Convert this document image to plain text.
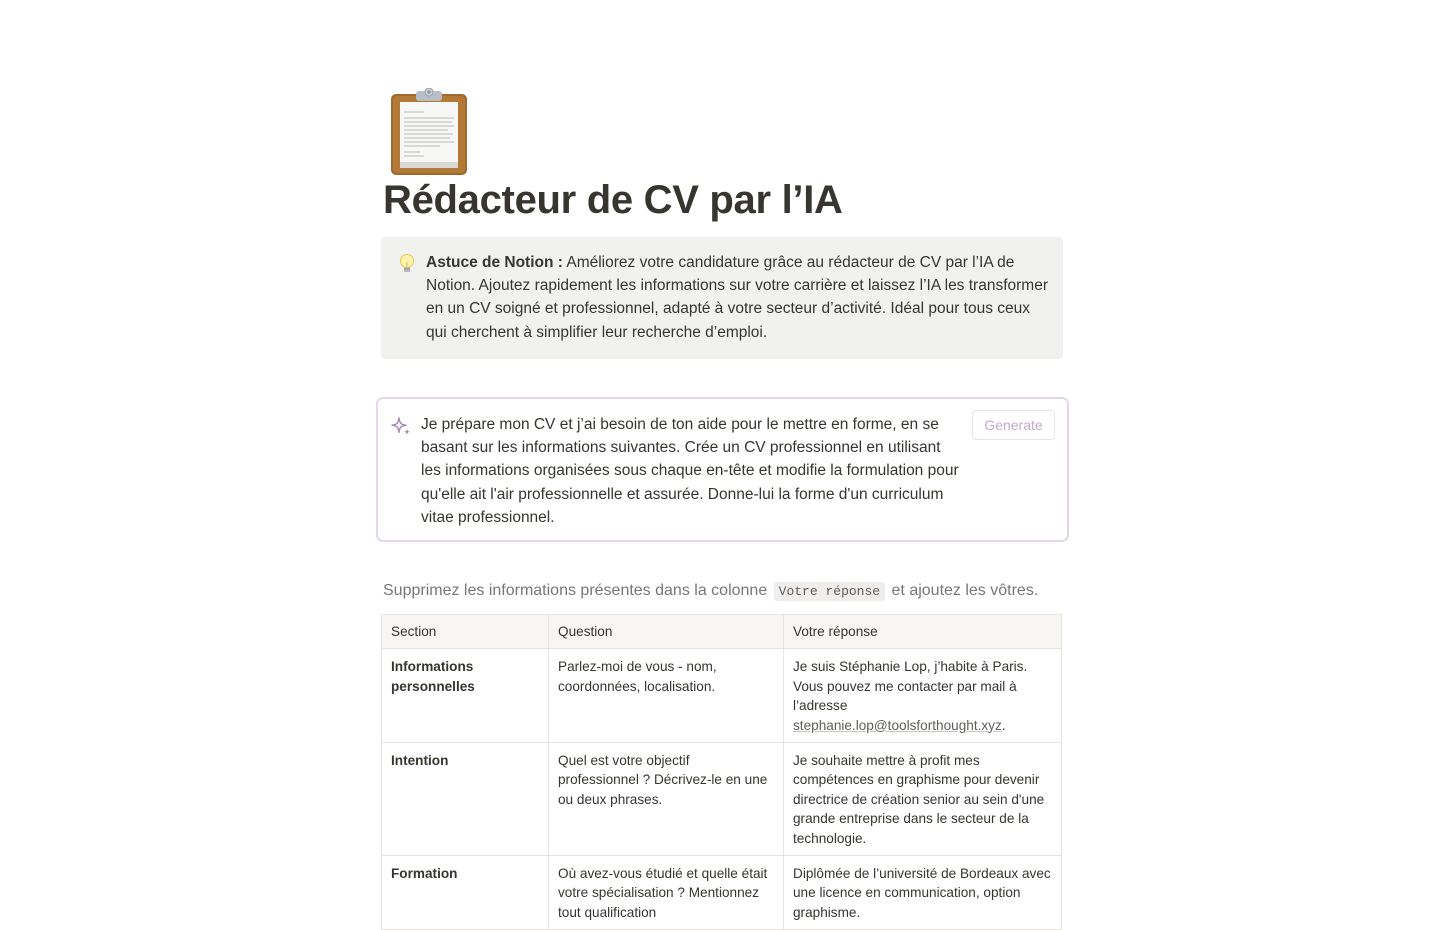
Rédacteur de CV par l’IA
Astuce de Notion : Améliorez votre candidature grâce au rédacteur de CV par l’IA de Notion. Ajoutez rapidement les informations sur votre carrière et laissez l’IA les transformer en un CV soigné et professionnel, adapté à votre secteur d’activité. Idéal pour tous ceux qui cherchent à simplifier leur recherche d’emploi.
Je prépare mon CV et j’ai besoin de ton aide pour le mettre en forme, en se basant sur les informations suivantes. Crée un CV professionnel en utilisant les informations organisées sous chaque en-tête et modifie la formulation pour qu'elle ait l'air professionnelle et assurée. Donne-lui la forme d'un curriculum vitae professionnel.
Generate
Supprimez les informations présentes dans la colonne Votre réponse et ajoutez les vôtres.
Section	Question	Votre réponse
Informations personnelles	Parlez-moi de vous - nom, coordonnées, localisation.	Je suis Stéphanie Lop, j’habite à Paris. Vous pouvez me contacter par mail à l’adresse stephanie.lop@toolsforthought.xyz.
Intention	Quel est votre objectif professionnel ? Décrivez-le en une ou deux phrases.	Je souhaite mettre à profit mes compétences en graphisme pour devenir directrice de création senior au sein d'une grande entreprise dans le secteur de la technologie.
Formation	Où avez-vous étudié et quelle était votre spécialisation ? Mentionnez tout qualification	Diplômée de l’université de Bordeaux avec une licence en communication, option graphisme.
